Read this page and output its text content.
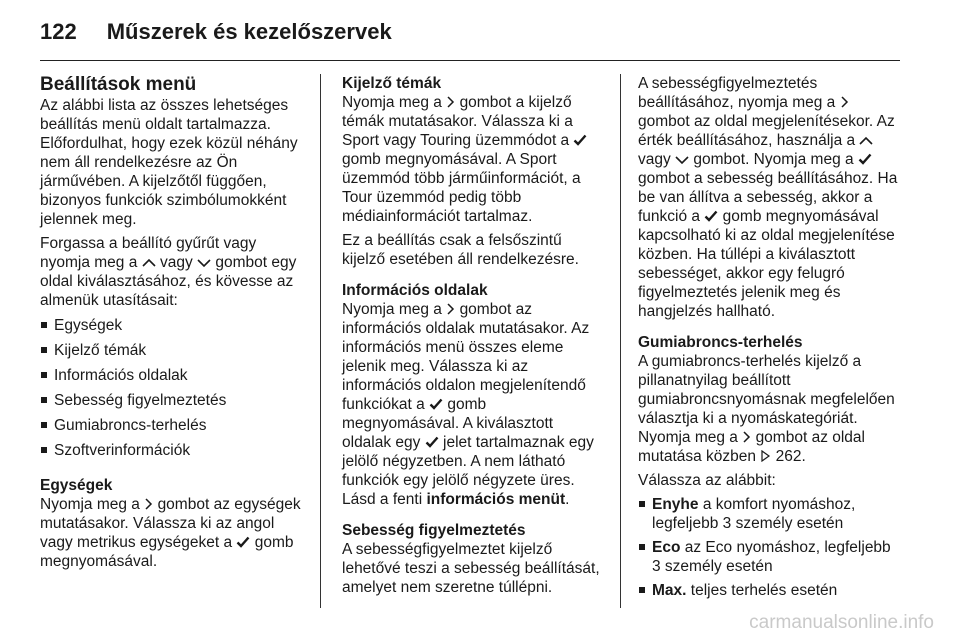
122 Műszerek és kezelőszervek
Beállítások menü

Az alábbi lista az összes lehetséges beállítás menü oldalt tartalmazza. Előfordulhat, hogy ezek közül néhány nem áll rendelkezésre az Ön járművében. A kijelzőtől függően, bizonyos funkciók szimbólumokként jelennek meg.

Forgassa a beállító gyűrűt vagy nyomja meg a vagy gombot egy oldal kiválasztásához, és kövesse az almenük utasításait:

Egységek
Kijelző témák
Információs oldalak
Sebesség figyelmeztetés
Gumiabroncs-terhelés
Szoftverinformációk
Egységek

Nyomja meg a gombot az egységek mutatásakor. Válassza ki az angol vagy metrikus egységeket a gomb megnyomásával.

Kijelző témák

Nyomja meg a gombot a kijelző témák mutatásakor. Válassza ki a Sport vagy Touring üzemmódot a
gomb megnyomásával. A Sport üzemmód több járműinformációt, a Tour üzemmód pedig több médiainformációt tartalmaz.

Ez a beállítás csak a felsőszintű kijelző esetében áll rendelkezésre.

Információs oldalak

Nyomja meg a gombot az információs oldalak mutatásakor. Az információs menü összes eleme jelenik meg. Válassza ki az információs oldalon megjelenítendő funkciókat a gomb megnyomásával. A kiválasztott oldalak egy jelet tartalmaznak egy jelölő négyzetben. A nem látható funkciók egy jelölő négyzete üres. Lásd a fenti információs menüt.

Sebesség figyelmeztetés

A sebességfigyelmeztet kijelző lehetővé teszi a sebesség beállítását, amelyet nem szeretne túllépni.

A sebességfigyelmeztetés beállításához, nyomja meg a
gombot az oldal megjelenítésekor. Az érték beállításához, használja a
vagy gombot. Nyomja meg a
gombot a sebesség beállításához. Ha be van állítva a sebesség, akkor a funkció a gomb megnyomásával kapcsolható ki az oldal megjelenítése közben. Ha túllépi a kiválasztott sebességet, akkor egy felugró figyelmeztetés jelenik meg és hangjelzés hallható.

Gumiabroncs-terhelés

A gumiabroncs-terhelés kijelző a pillanatnyilag beállított gumiabroncsnyomásnak megfelelően választja ki a nyomáskategóriát. Nyomja meg a gombot az oldal mutatása közben 262.

Válassza az alábbit:

Enyhe a komfort nyomáshoz, legfeljebb 3 személy esetén
Eco az Eco nyomáshoz, legfeljebb 3 személy esetén
Max. teljes terhelés esetén
carmanualsonline.info
